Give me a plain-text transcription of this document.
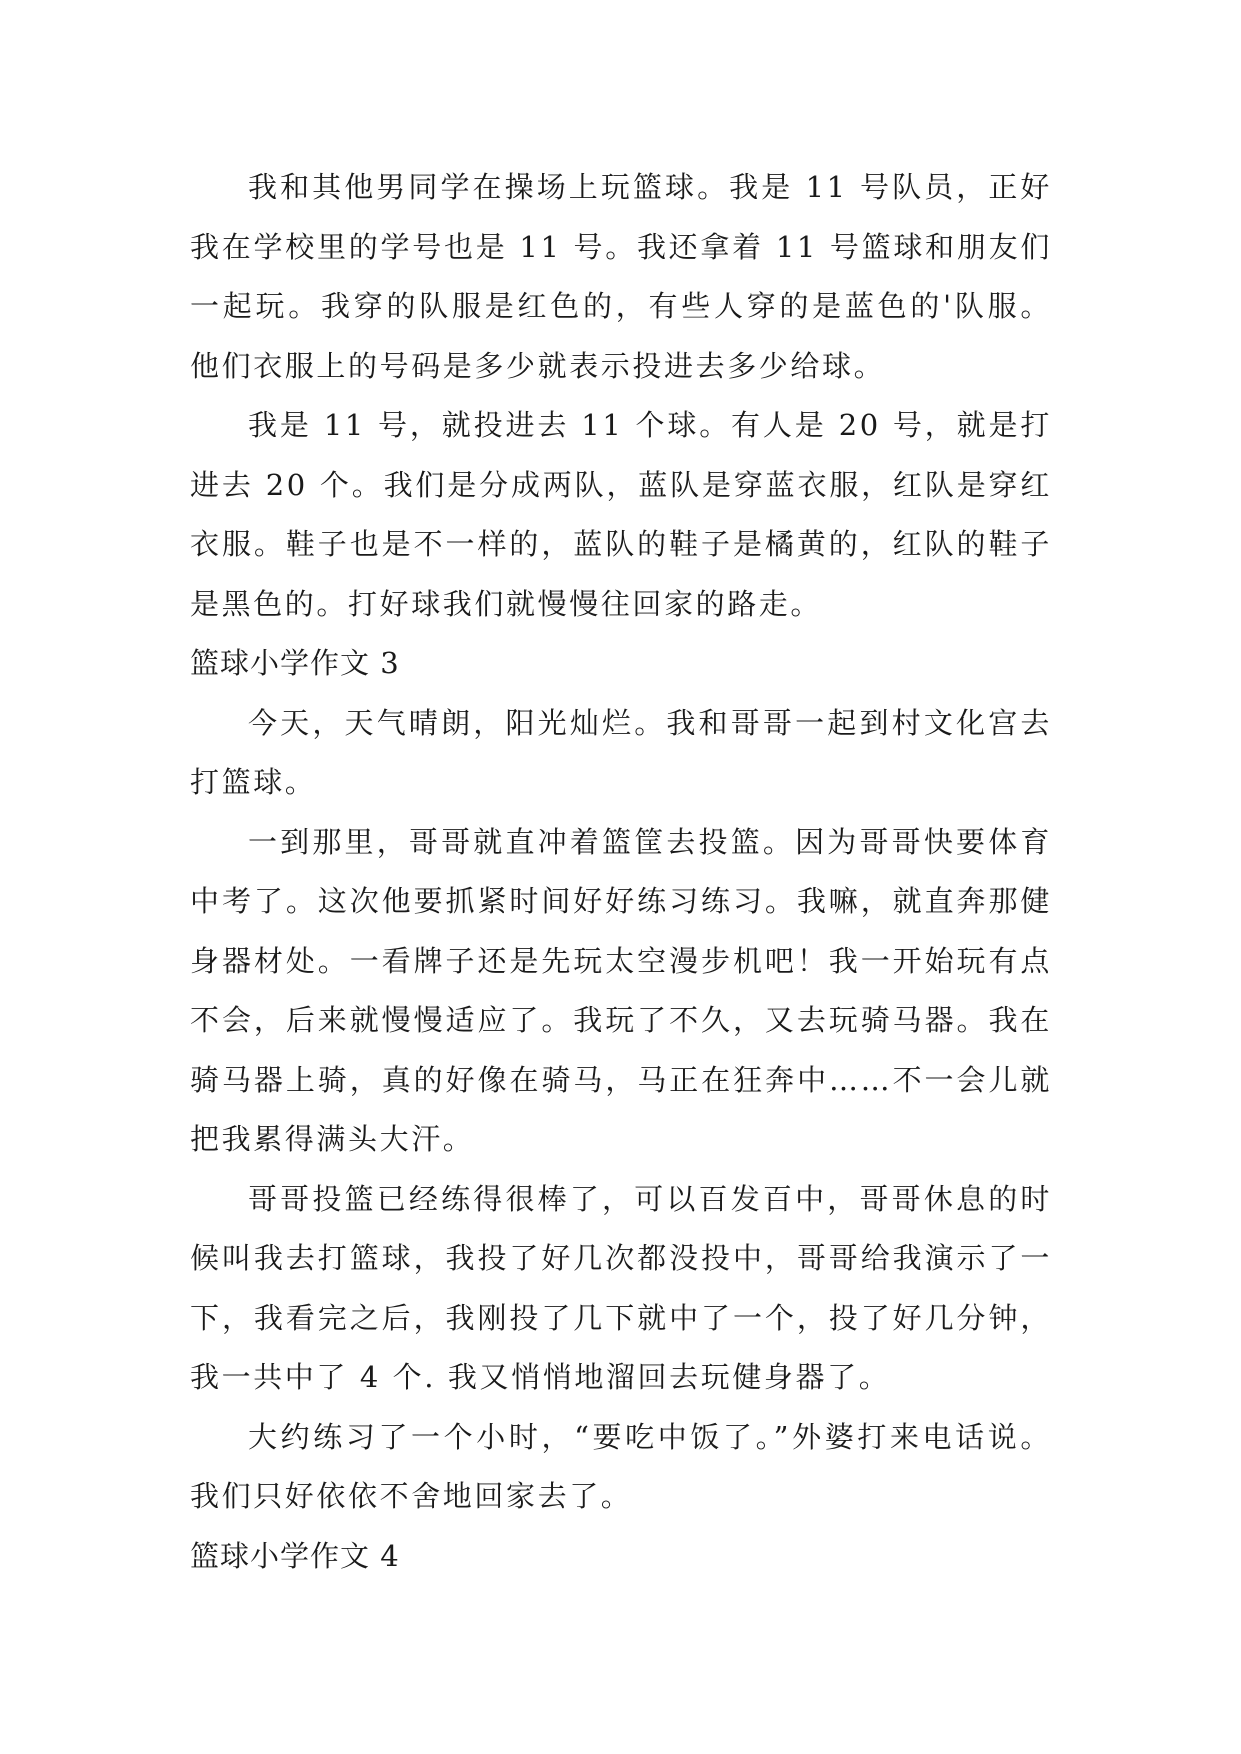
我和其他男同学在操场上玩篮球。我是 11 号队员，正好我在学校里的学号也是 11 号。我还拿着 11 号篮球和朋友们一起玩。我穿的队服是红色的，有些人穿的是蓝色的'队服。他们衣服上的号码是多少就表示投进去多少给球。

我是 11 号，就投进去 11 个球。有人是 20 号，就是打进去 20 个。我们是分成两队，蓝队是穿蓝衣服，红队是穿红衣服。鞋子也是不一样的，蓝队的鞋子是橘黄的，红队的鞋子是黑色的。打好球我们就慢慢往回家的路走。

篮球小学作文 3

今天，天气晴朗，阳光灿烂。我和哥哥一起到村文化宫去打篮球。

一到那里，哥哥就直冲着篮筐去投篮。因为哥哥快要体育中考了。这次他要抓紧时间好好练习练习。我嘛，就直奔那健身器材处。一看牌子还是先玩太空漫步机吧！我一开始玩有点不会，后来就慢慢适应了。我玩了不久，又去玩骑马器。我在骑马器上骑，真的好像在骑马，马正在狂奔中……不一会儿就把我累得满头大汗。

哥哥投篮已经练得很棒了，可以百发百中，哥哥休息的时候叫我去打篮球，我投了好几次都没投中，哥哥给我演示了一下，我看完之后，我刚投了几下就中了一个，投了好几分钟，我一共中了 4 个. 我又悄悄地溜回去玩健身器了。

大约练习了一个小时，“要吃中饭了。”外婆打来电话说。我们只好依依不舍地回家去了。

篮球小学作文 4
